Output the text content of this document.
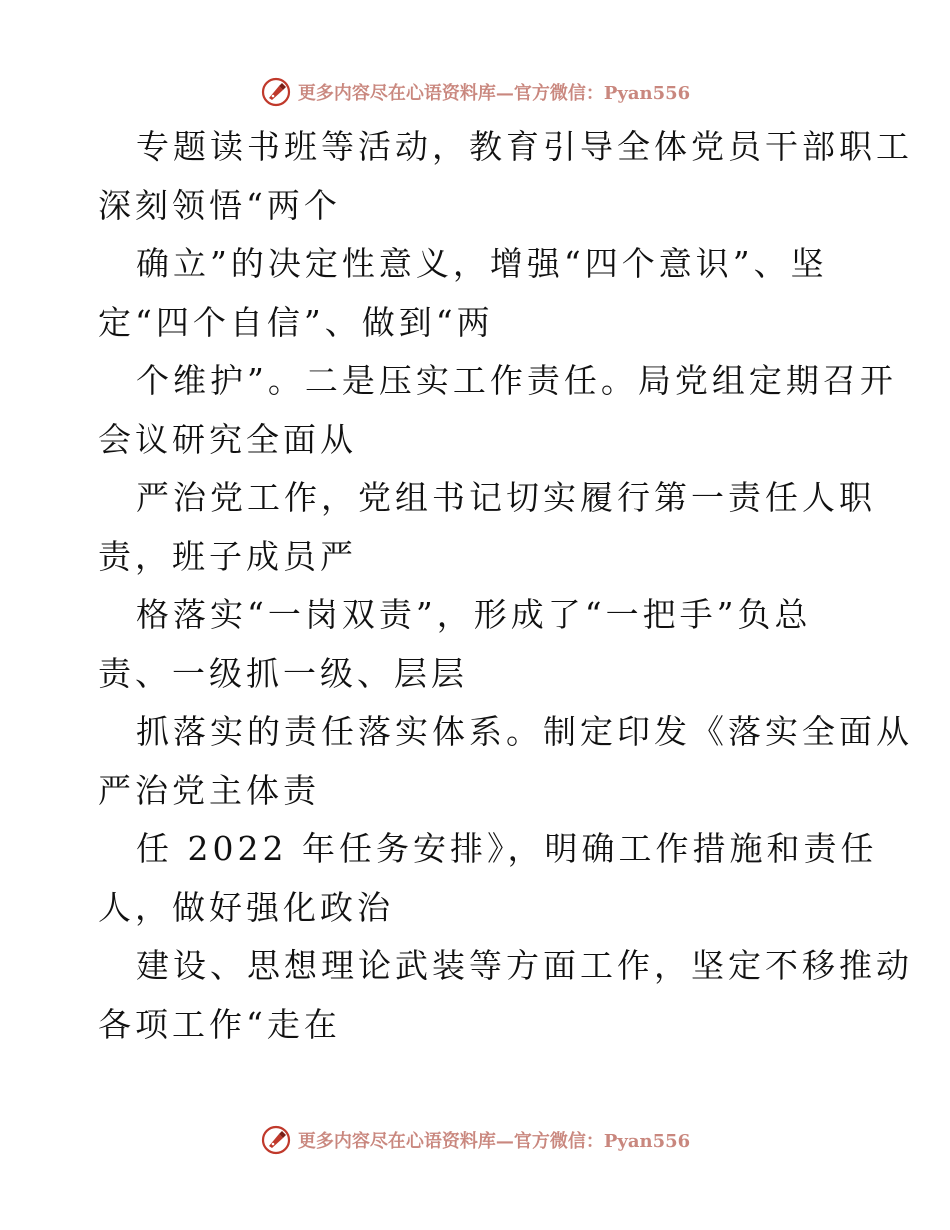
更多内容尽在心语资料库—官方微信：Pyan556

专题读书班等活动，教育引导全体党员干部职工

深刻领悟“两个

确立”的决定性意义，增强“四个意识”、坚

定“四个自信”、做到“两

个维护”。二是压实工作责任。局党组定期召开

会议研究全面从

严治党工作，党组书记切实履行第一责任人职

责，班子成员严

格落实“一岗双责”，形成了“一把手”负总

责、一级抓一级、层层

抓落实的责任落实体系。制定印发《落实全面从

严治党主体责

任 2022 年任务安排》，明确工作措施和责任

人，做好强化政治

建设、思想理论武装等方面工作，坚定不移推动

各项工作“走在

更多内容尽在心语资料库—官方微信：Pyan556
